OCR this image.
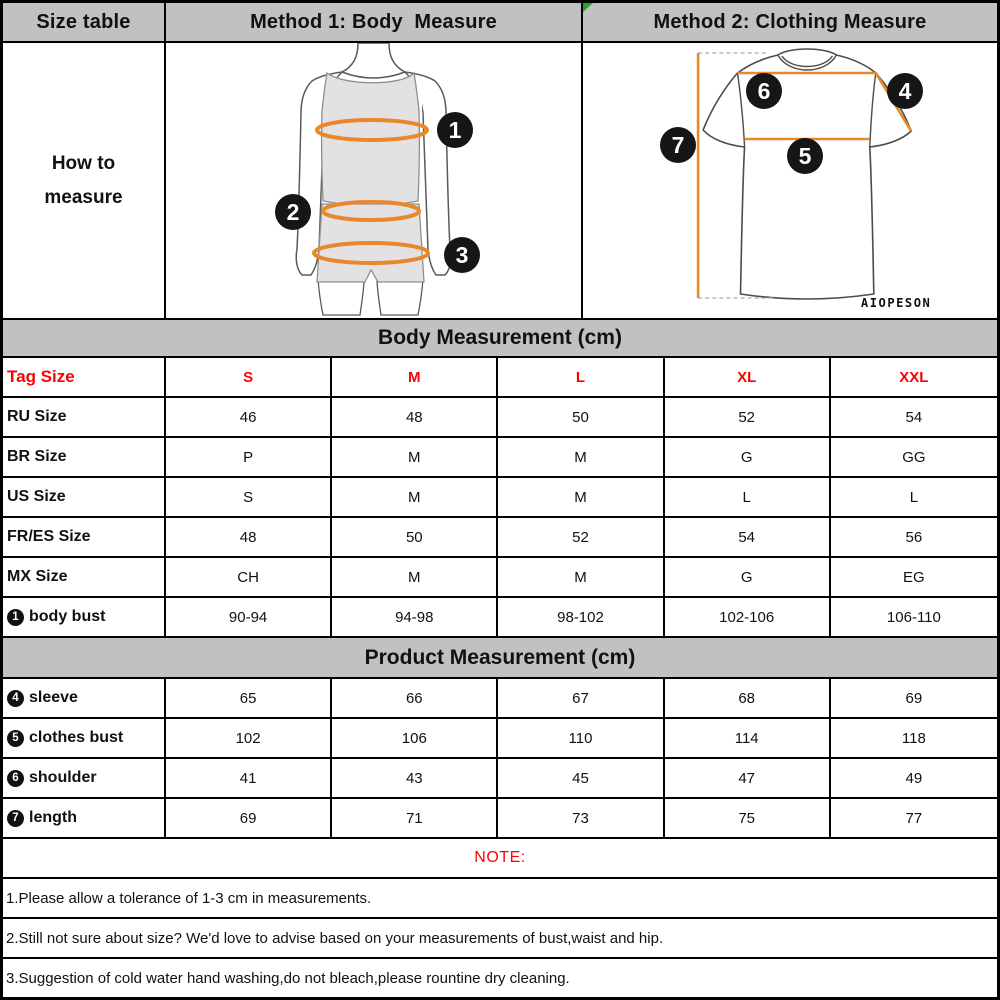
Size table	Method 1: Body  Measure	Method 2: Clothing Measure
How to measure
1
2
3
AIOPESON
6	4
7	5
Body Measurement (cm)
Tag Size	S	M	L	XL	XXL
RU Size	46	48	50	52	54
BR Size	P	M	M	G	GG
US Size	S	M	M	L	L
FR/ES Size	48	50	52	54	56
MX Size	CH	M	M	G	EG
1 body bust	90-94	94-98	98-102	102-106	106-110
Product Measurement (cm)
4 sleeve	65	66	67	68	69
5 clothes bust	102	106	110	114	118
6 shoulder	41	43	45	47	49
7 length	69	71	73	75	77
NOTE:
1.Please allow a tolerance of 1-3 cm in measurements.
2.Still not sure about size? We'd love to advise based on your measurements of bust,waist and hip.
3.Suggestion of cold water hand washing,do not bleach,please rountine dry cleaning.
